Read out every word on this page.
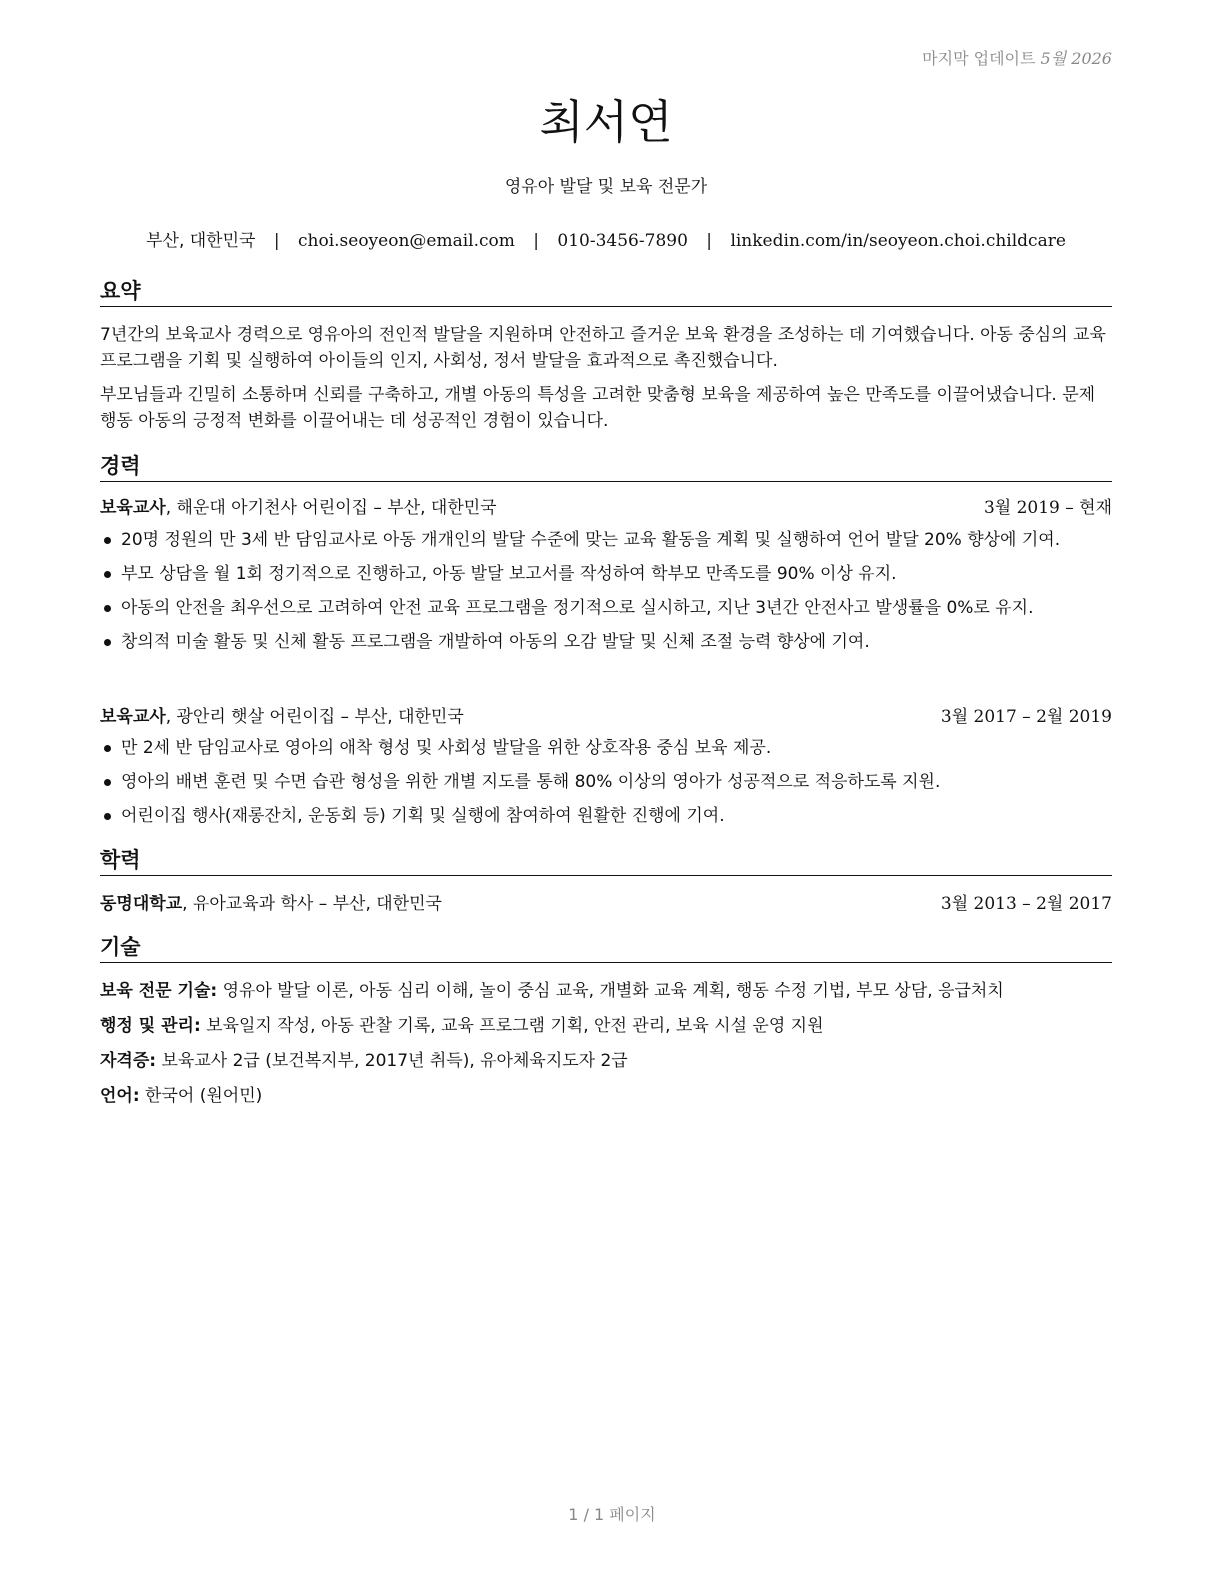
마지막 업데이트 5월 2026
최서연
영유아 발달 및 보육 전문가
부산, 대한민국 | choi.seoyeon@email.com | 010-3456-7890 | linkedin.com/in/seoyeon.choi.childcare
요약
7년간의 보육교사 경력으로 영유아의 전인적 발달을 지원하며 안전하고 즐거운 보육 환경을 조성하는 데 기여했습니다. 아동 중심의 교육 프로그램을 기획 및 실행하여 아이들의 인지, 사회성, 정서 발달을 효과적으로 촉진했습니다.
부모님들과 긴밀히 소통하며 신뢰를 구축하고, 개별 아동의 특성을 고려한 맞춤형 보육을 제공하여 높은 만족도를 이끌어냈습니다. 문제 행동 아동의 긍정적 변화를 이끌어내는 데 성공적인 경험이 있습니다.
경력
보육교사, 해운대 아기천사 어린이집 – 부산, 대한민국	3월 2019 – 현재
20명 정원의 만 3세 반 담임교사로 아동 개개인의 발달 수준에 맞는 교육 활동을 계획 및 실행하여 언어 발달 20% 향상에 기여.
부모 상담을 월 1회 정기적으로 진행하고, 아동 발달 보고서를 작성하여 학부모 만족도를 90% 이상 유지.
아동의 안전을 최우선으로 고려하여 안전 교육 프로그램을 정기적으로 실시하고, 지난 3년간 안전사고 발생률을 0%로 유지.
창의적 미술 활동 및 신체 활동 프로그램을 개발하여 아동의 오감 발달 및 신체 조절 능력 향상에 기여.
보육교사, 광안리 햇살 어린이집 – 부산, 대한민국	3월 2017 – 2월 2019
만 2세 반 담임교사로 영아의 애착 형성 및 사회성 발달을 위한 상호작용 중심 보육 제공.
영아의 배변 훈련 및 수면 습관 형성을 위한 개별 지도를 통해 80% 이상의 영아가 성공적으로 적응하도록 지원.
어린이집 행사(재롱잔치, 운동회 등) 기획 및 실행에 참여하여 원활한 진행에 기여.
학력
동명대학교, 유아교육과 학사 – 부산, 대한민국	3월 2013 – 2월 2017
기술
보육 전문 기술: 영유아 발달 이론, 아동 심리 이해, 놀이 중심 교육, 개별화 교육 계획, 행동 수정 기법, 부모 상담, 응급처치
행정 및 관리: 보육일지 작성, 아동 관찰 기록, 교육 프로그램 기획, 안전 관리, 보육 시설 운영 지원
자격증: 보육교사 2급 (보건복지부, 2017년 취득), 유아체육지도자 2급
언어: 한국어 (원어민)
1 / 1 페이지
